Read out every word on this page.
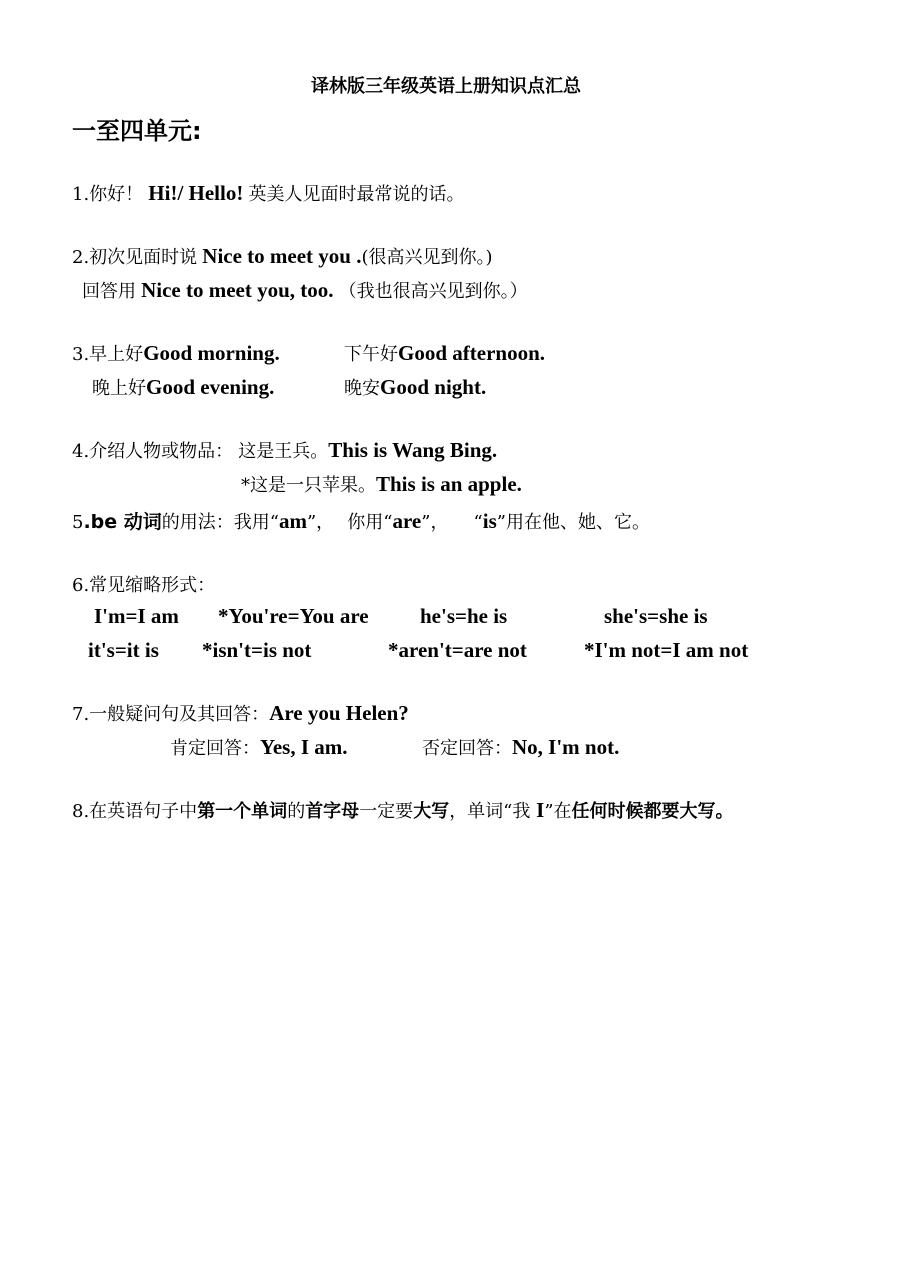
译林版三年级英语上册知识点汇总
一至四单元:
1.你好！ Hi!/ Hello! 英美人见面时最常说的话。
2.初次见面时说 Nice to meet you .(很高兴见到你。)
回答用 Nice to meet you, too. （我也很高兴见到你。）
3.早上好Good morning.	下午好Good afternoon.
晚上好Good evening.	晚安Good night.
4.介绍人物或物品： 这是王兵。This is Wang Bing.
*这是一只苹果。This is an apple.
5.be 动词的用法：我用“am”， 你用“are”， “is”用在他、她、它。
6.常见缩略形式：
I'm=I am *You're=You are he's=he is	she's=she is
it's=it is *isn't=is not	*aren't=are not	*I'm not=I am not
7.一般疑问句及其回答：Are you Helen?
肯定回答：Yes, I am.	否定回答：No, I'm not.
8.在英语句子中第一个单词的首字母一定要大写，单词“我 I”在任何时候都要大写。
